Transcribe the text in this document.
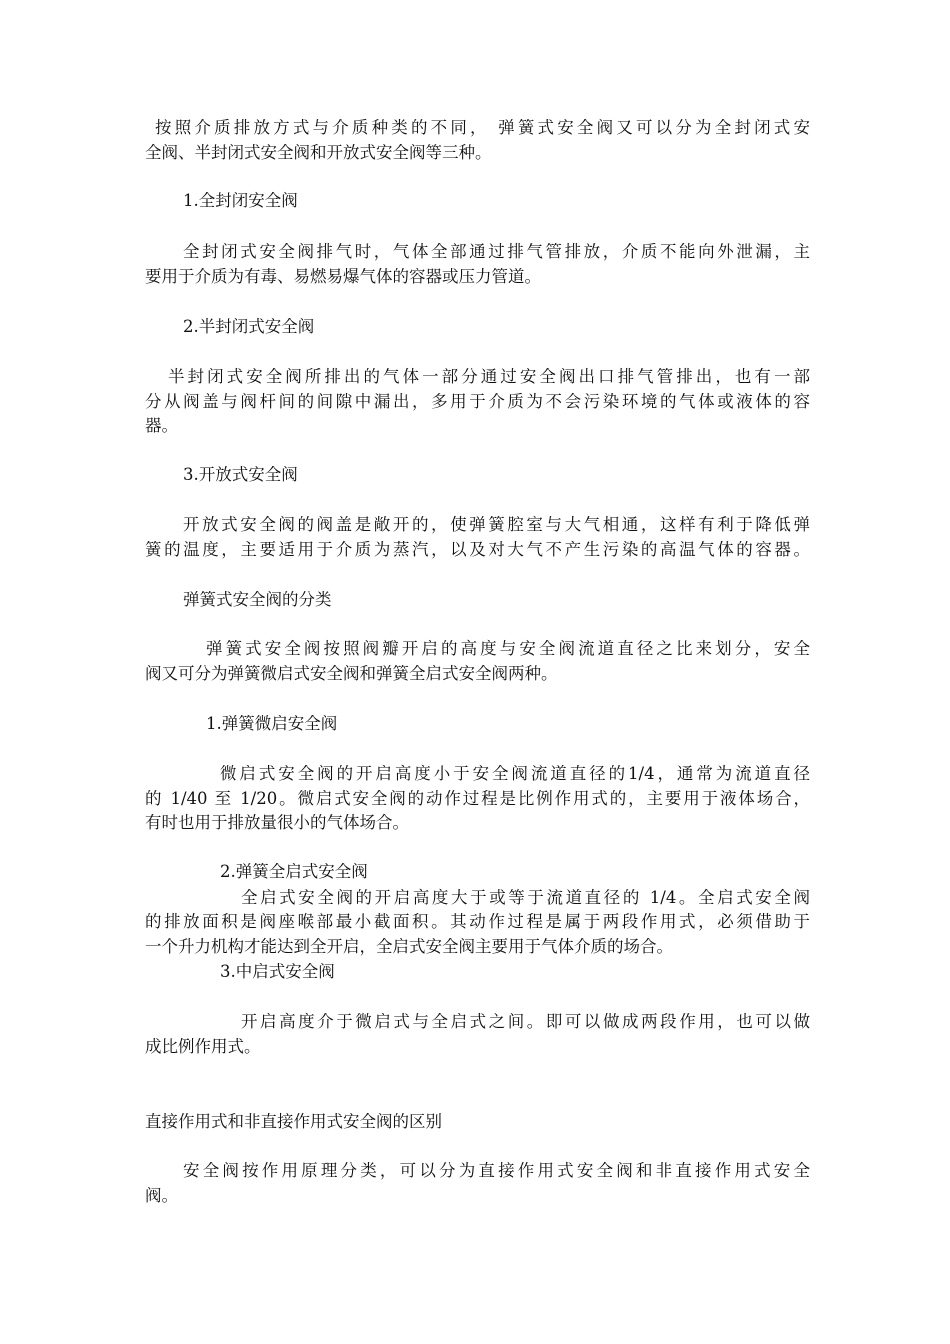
按照介质排放方式与介质种类的不同， 弹簧式安全阀又可以分为全封闭式安
全阀、半封闭式安全阀和开放式安全阀等三种。
1.全封闭安全阀
全封闭式安全阀排气时，气体全部通过排气管排放，介质不能向外泄漏，主
要用于介质为有毒、易燃易爆气体的容器或压力管道。
2.半封闭式安全阀
半封闭式安全阀所排出的气体一部分通过安全阀出口排气管排出，也有一部
分从阀盖与阀杆间的间隙中漏出，多用于介质为不会污染环境的气体或液体的容
器。
3.开放式安全阀
开放式安全阀的阀盖是敞开的，使弹簧腔室与大气相通，这样有利于降低弹
簧的温度，主要适用于介质为蒸汽，以及对大气不产生污染的高温气体的容器。
弹簧式安全阀的分类
弹簧式安全阀按照阀瓣开启的高度与安全阀流道直径之比来划分，安全
阀又可分为弹簧微启式安全阀和弹簧全启式安全阀两种。
1.弹簧微启安全阀
微启式安全阀的开启高度小于安全阀流道直径的1/4，通常为流道直径
的 1/40 至 1/20。微启式安全阀的动作过程是比例作用式的，主要用于液体场合，
有时也用于排放量很小的气体场合。
2.弹簧全启式安全阀
全启式安全阀的开启高度大于或等于流道直径的 1/4。全启式安全阀
的排放面积是阀座喉部最小截面积。其动作过程是属于两段作用式，必须借助于
一个升力机构才能达到全开启，全启式安全阀主要用于气体介质的场合。
3.中启式安全阀
开启高度介于微启式与全启式之间。即可以做成两段作用，也可以做
成比例作用式。
直接作用式和非直接作用式安全阀的区别
安全阀按作用原理分类，可以分为直接作用式安全阀和非直接作用式安全
阀。
